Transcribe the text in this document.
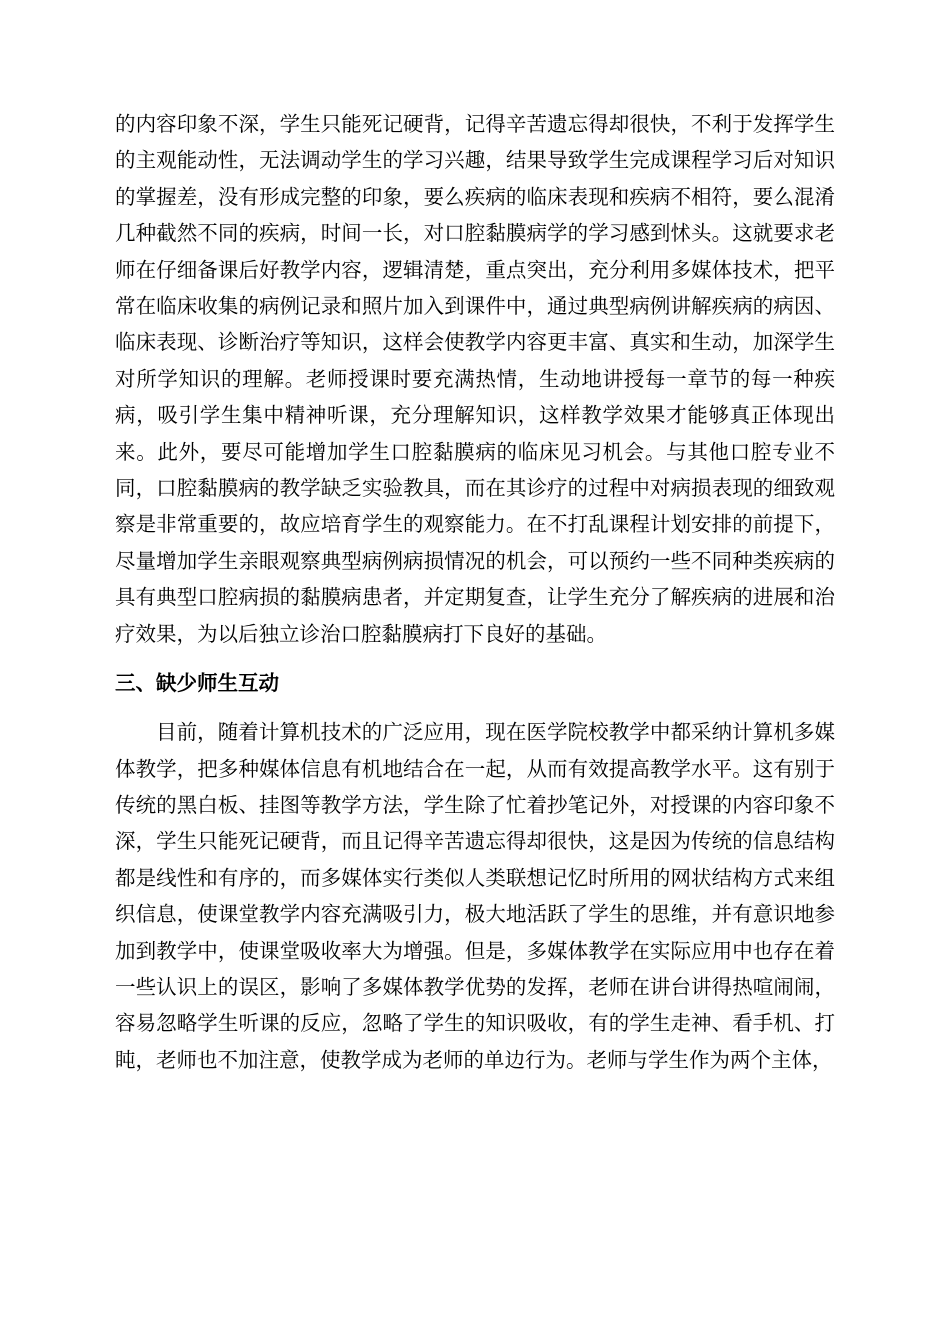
的内容印象不深，学生只能死记硬背，记得辛苦遗忘得却很快，不利于发挥学生的主观能动性，无法调动学生的学习兴趣，结果导致学生完成课程学习后对知识的掌握差，没有形成完整的印象，要么疾病的临床表现和疾病不相符，要么混淆几种截然不同的疾病，时间一长，对口腔黏膜病学的学习感到怵头。这就要求老师在仔细备课后好教学内容，逻辑清楚，重点突出，充分利用多媒体技术，把平常在临床收集的病例记录和照片加入到课件中，通过典型病例讲解疾病的病因、临床表现、诊断治疗等知识，这样会使教学内容更丰富、真实和生动，加深学生对所学知识的理解。老师授课时要充满热情，生动地讲授每一章节的每一种疾病，吸引学生集中精神听课，充分理解知识，这样教学效果才能够真正体现出来。此外，要尽可能增加学生口腔黏膜病的临床见习机会。与其他口腔专业不同，口腔黏膜病的教学缺乏实验教具，而在其诊疗的过程中对病损表现的细致观察是非常重要的，故应培育学生的观察能力。在不打乱课程计划安排的前提下，尽量增加学生亲眼观察典型病例病损情况的机会，可以预约一些不同种类疾病的具有典型口腔病损的黏膜病患者，并定期复查，让学生充分了解疾病的进展和治疗效果，为以后独立诊治口腔黏膜病打下良好的基础。

三、缺少师生互动

目前，随着计算机技术的广泛应用，现在医学院校教学中都采纳计算机多媒体教学，把多种媒体信息有机地结合在一起，从而有效提高教学水平。这有别于传统的黑白板、挂图等教学方法，学生除了忙着抄笔记外，对授课的内容印象不深，学生只能死记硬背，而且记得辛苦遗忘得却很快，这是因为传统的信息结构都是线性和有序的，而多媒体实行类似人类联想记忆时所用的网状结构方式来组织信息，使课堂教学内容充满吸引力，极大地活跃了学生的思维，并有意识地参加到教学中，使课堂吸收率大为增强。但是，多媒体教学在实际应用中也存在着一些认识上的误区，影响了多媒体教学优势的发挥，老师在讲台讲得热喧闹闹，容易忽略学生听课的反应，忽略了学生的知识吸收，有的学生走神、看手机、打盹，老师也不加注意，使教学成为老师的单边行为。老师与学生作为两个主体，
